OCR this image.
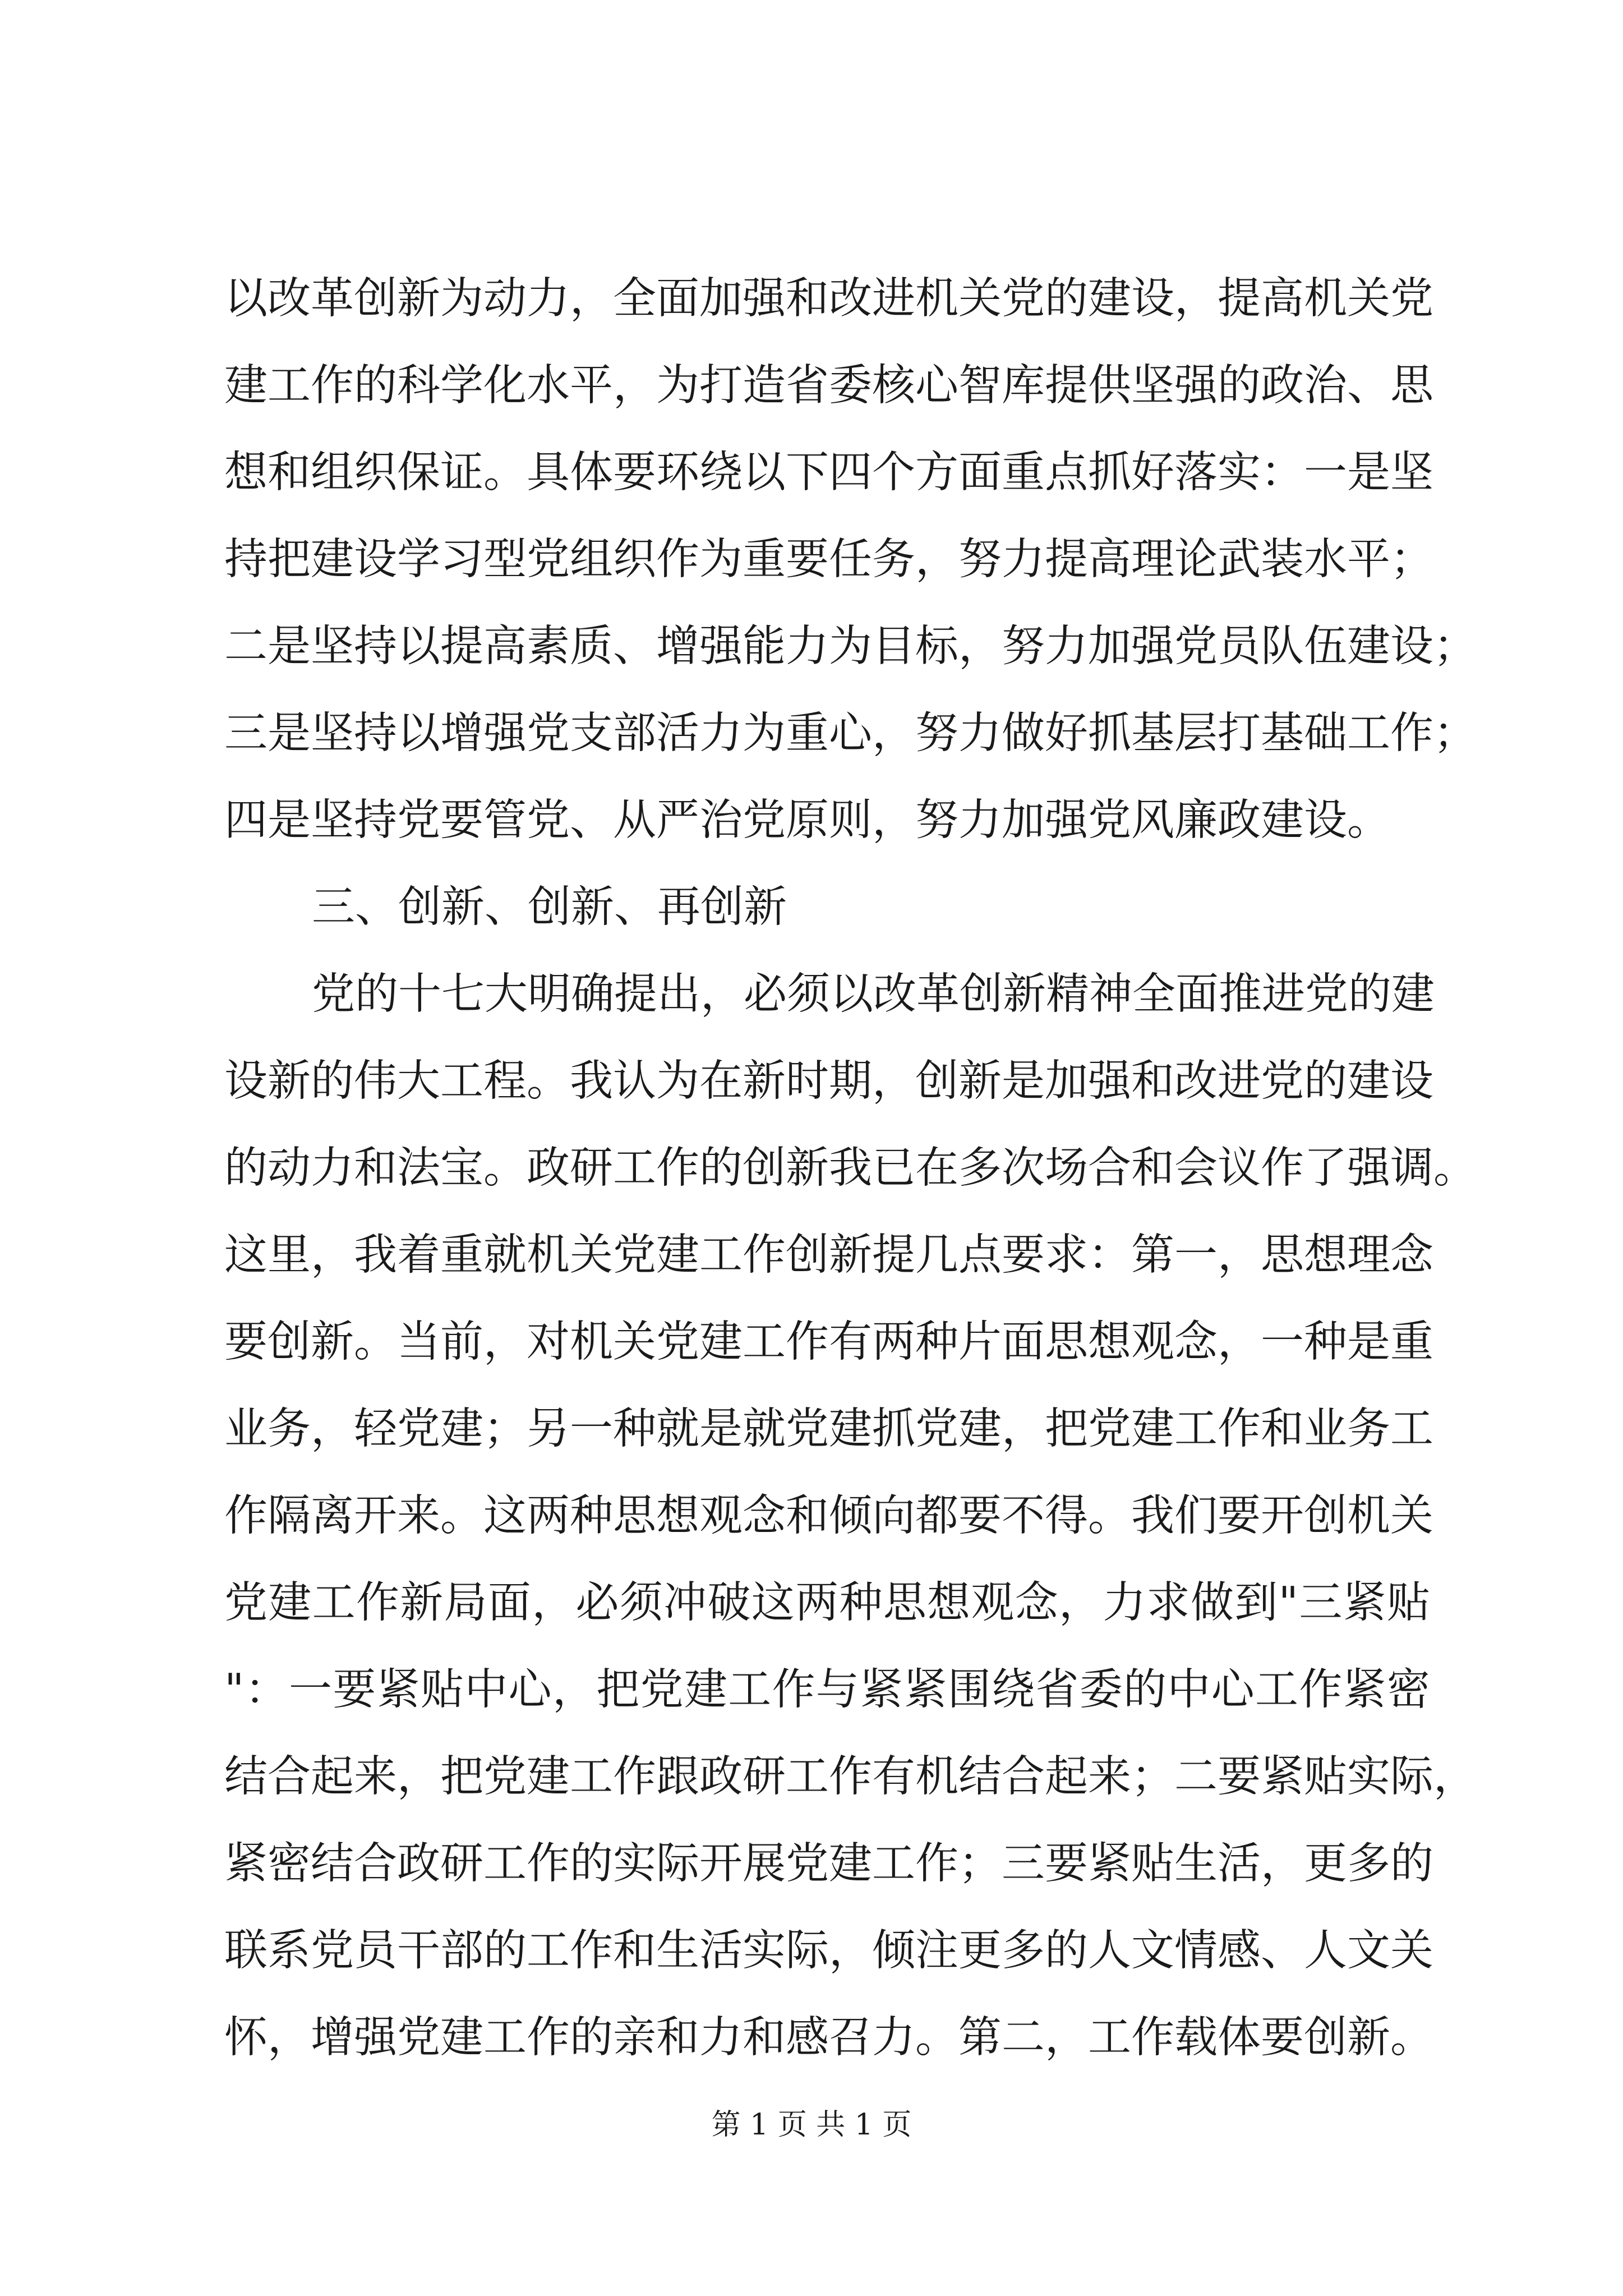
以改革创新为动力，全面加强和改进机关党的建设，提高机关党
建工作的科学化水平，为打造省委核心智库提供坚强的政治、思
想和组织保证。具体要环绕以下四个方面重点抓好落实：一是坚
持把建设学习型党组织作为重要任务，努力提高理论武装水平；
二是坚持以提高素质、增强能力为目标，努力加强党员队伍建设；
三是坚持以增强党支部活力为重心，努力做好抓基层打基础工作；
四是坚持党要管党、从严治党原则，努力加强党风廉政建设。
三、创新、创新、再创新
党的十七大明确提出，必须以改革创新精神全面推进党的建
设新的伟大工程。我认为在新时期，创新是加强和改进党的建设
的动力和法宝。政研工作的创新我已在多次场合和会议作了强调。
这里，我着重就机关党建工作创新提几点要求：第一，思想理念
要创新。当前，对机关党建工作有两种片面思想观念，一种是重
业务，轻党建；另一种就是就党建抓党建，把党建工作和业务工
作隔离开来。这两种思想观念和倾向都要不得。我们要开创机关
党建工作新局面，必须冲破这两种思想观念，力求做到"三紧贴
"：一要紧贴中心，把党建工作与紧紧围绕省委的中心工作紧密
结合起来，把党建工作跟政研工作有机结合起来；二要紧贴实际，
紧密结合政研工作的实际开展党建工作；三要紧贴生活，更多的
联系党员干部的工作和生活实际，倾注更多的人文情感、人文关
怀，增强党建工作的亲和力和感召力。第二，工作载体要创新。
第 1 页 共 1 页
